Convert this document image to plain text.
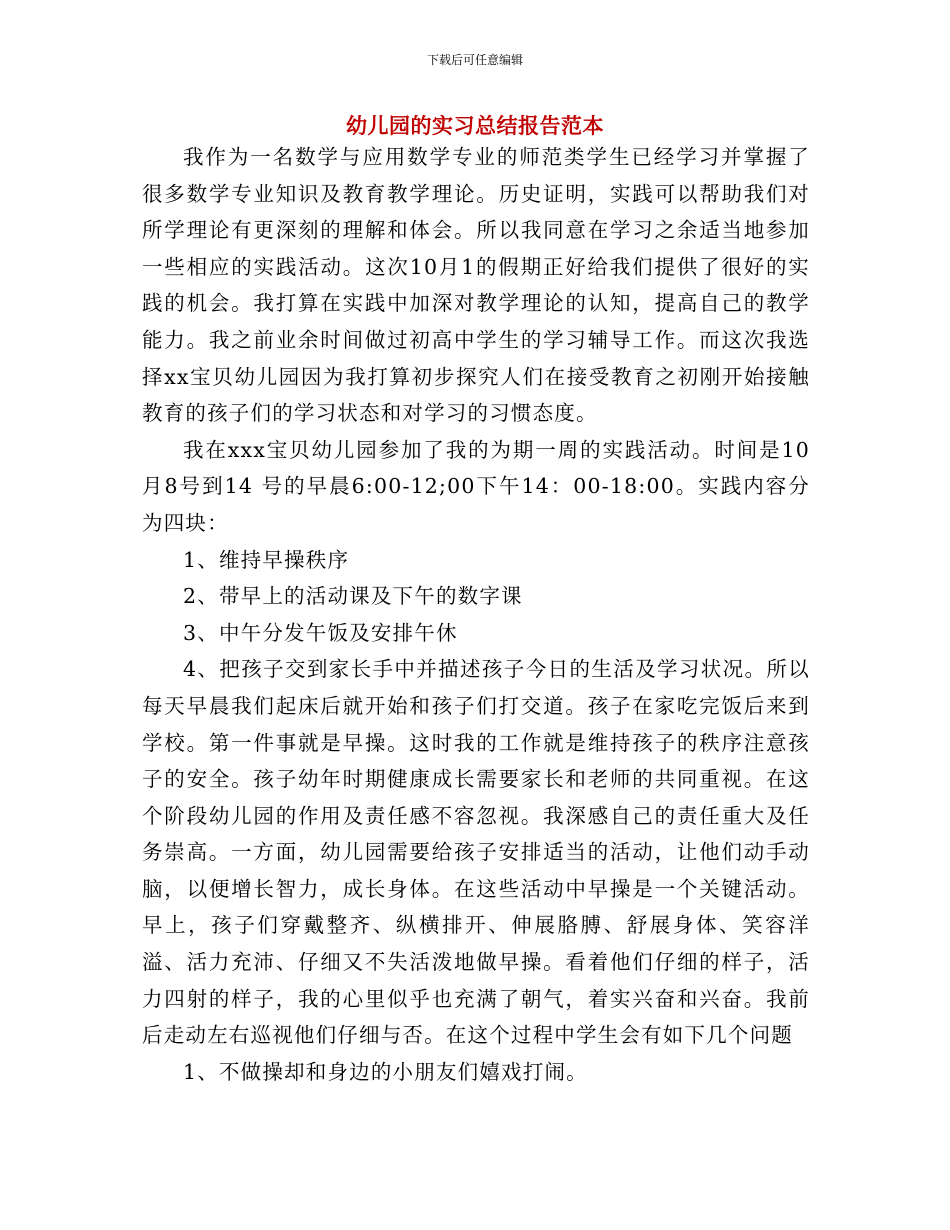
下载后可任意编辑
幼儿园的实习总结报告范本

我作为一名数学与应用数学专业的师范类学生已经学习并掌握了很多数学专业知识及教育教学理论。历史证明，实践可以帮助我们对所学理论有更深刻的理解和体会。所以我同意在学习之余适当地参加一些相应的实践活动。这次10月1的假期正好给我们提供了很好的实践的机会。我打算在实践中加深对教学理论的认知，提高自己的教学能力。我之前业余时间做过初高中学生的学习辅导工作。而这次我选择xx宝贝幼儿园因为我打算初步探究人们在接受教育之初刚开始接触教育的孩子们的学习状态和对学习的习惯态度。

我在xxx宝贝幼儿园参加了我的为期一周的实践活动。时间是10月8号到14 号的早晨6:00-12;00下午14：00-18:00。实践内容分为四块：

1、维持早操秩序

2、带早上的活动课及下午的数字课

3、中午分发午饭及安排午休

4、把孩子交到家长手中并描述孩子今日的生活及学习状况。所以每天早晨我们起床后就开始和孩子们打交道。孩子在家吃完饭后来到学校。第一件事就是早操。这时我的工作就是维持孩子的秩序注意孩子的安全。孩子幼年时期健康成长需要家长和老师的共同重视。在这个阶段幼儿园的作用及责任感不容忽视。我深感自己的责任重大及任务崇高。一方面，幼儿园需要给孩子安排适当的活动，让他们动手动脑，以便增长智力，成长身体。在这些活动中早操是一个关键活动。早上，孩子们穿戴整齐、纵横排开、伸展胳膊、舒展身体、笑容洋溢、活力充沛、仔细又不失活泼地做早操。看着他们仔细的样子，活力四射的样子，我的心里似乎也充满了朝气，着实兴奋和兴奋。我前后走动左右巡视他们仔细与否。在这个过程中学生会有如下几个问题

1、不做操却和身边的小朋友们嬉戏打闹。
